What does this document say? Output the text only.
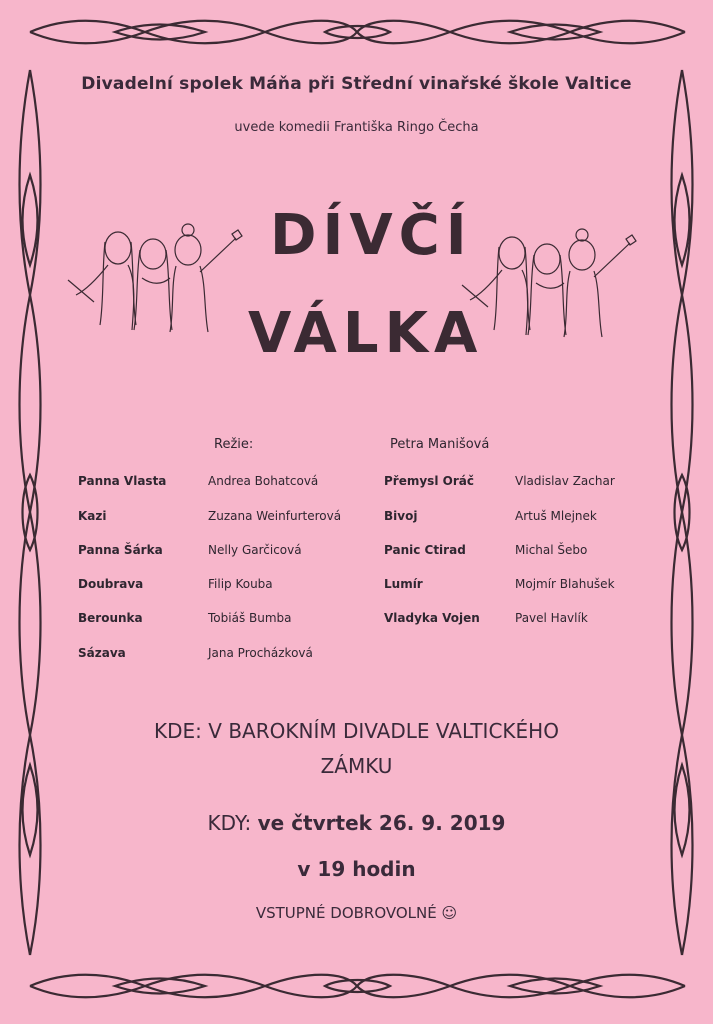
Divadelní spolek Máňa při Střední vinařské škole Valtice
uvede komedii Františka Ringo Čecha
DÍVČÍ
VÁLKA
Režie:	Petra Manišová
Panna Vlasta	Andrea Bohatcová
Kazi	Zuzana Weinfurterová
Panna Šárka	Nelly Garčicová
Doubrava	Filip Kouba
Berounka	Tobiáš Bumba
Sázava	Jana Procházková
Přemysl Oráč	Vladislav Zachar
Bivoj	Artuš Mlejnek
Panic Ctirad	Michal Šebo
Lumír	Mojmír Blahušek
Vladyka Vojen	Pavel Havlík
KDE: V BAROKNÍM DIVADLE VALTICKÉHO
ZÁMKU
KDY: ve čtvrtek 26. 9. 2019
v 19 hodin
VSTUPNÉ DOBROVOLNÉ ☺
